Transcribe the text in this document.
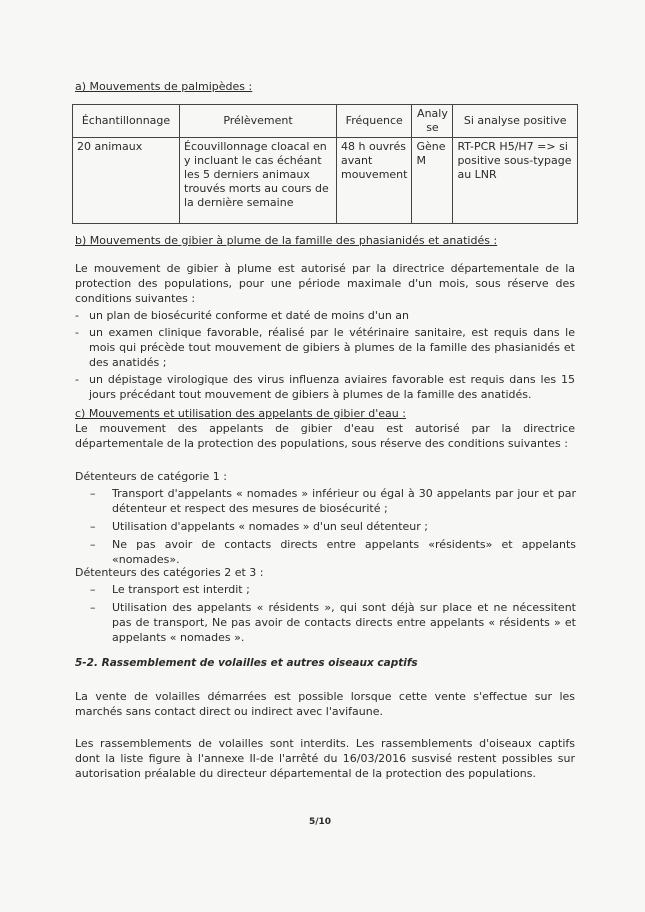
a) Mouvements de palmipèdes :
Échantillonnage	Prélèvement	Fréquence	Analy se	Si analyse positive
20 animaux	Écouvillonnage cloacal en y incluant le cas échéant les 5 derniers animaux trouvés morts au cours de la dernière semaine	48 h ouvrés avant mouvement	Gène M	RT-PCR H5/H7 => si positive sous-typage au LNR
b) Mouvements de gibier à plume de la famille des phasianidés et anatidés :
Le mouvement de gibier à plume est autorisé par la directrice départementale de la protection des populations, pour une période maximale d'un mois, sous réserve des conditions suivantes :
- un plan de biosécurité conforme et daté de moins d'un an
- un examen clinique favorable, réalisé par le vétérinaire sanitaire, est requis dans le mois qui précède tout mouvement de gibiers à plumes de la famille des phasianidés et des anatidés ;
- un dépistage virologique des virus influenza aviaires favorable est requis dans les 15 jours précédant tout mouvement de gibiers à plumes de la famille des anatidés.
c) Mouvements et utilisation des appelants de gibier d'eau :
Le mouvement des appelants de gibier d'eau est autorisé par la directrice départementale de la protection des populations, sous réserve des conditions suivantes :
Détenteurs de catégorie 1 :
–	Transport d'appelants « nomades » inférieur ou égal à 30 appelants par jour et par détenteur et respect des mesures de biosécurité ;
–	Utilisation d'appelants « nomades » d'un seul détenteur ;
–	Ne pas avoir de contacts directs entre appelants «résidents» et appelants «nomades».
Détenteurs des catégories 2 et 3 :
–	Le transport est interdit ;
–	Utilisation des appelants « résidents », qui sont déjà sur place et ne nécessitent pas de transport, Ne pas avoir de contacts directs entre appelants « résidents » et appelants « nomades ».
5-2. Rassemblement de volailles et autres oiseaux captifs
La vente de volailles démarrées est possible lorsque cette vente s'effectue sur les marchés sans contact direct ou indirect avec l'avifaune.
Les rassemblements de volailles sont interdits. Les rassemblements d'oiseaux captifs dont la liste figure à l'annexe II-de l'arrêté du 16/03/2016 susvisé restent possibles sur autorisation préalable du directeur départemental de la protection des populations.
5/10
